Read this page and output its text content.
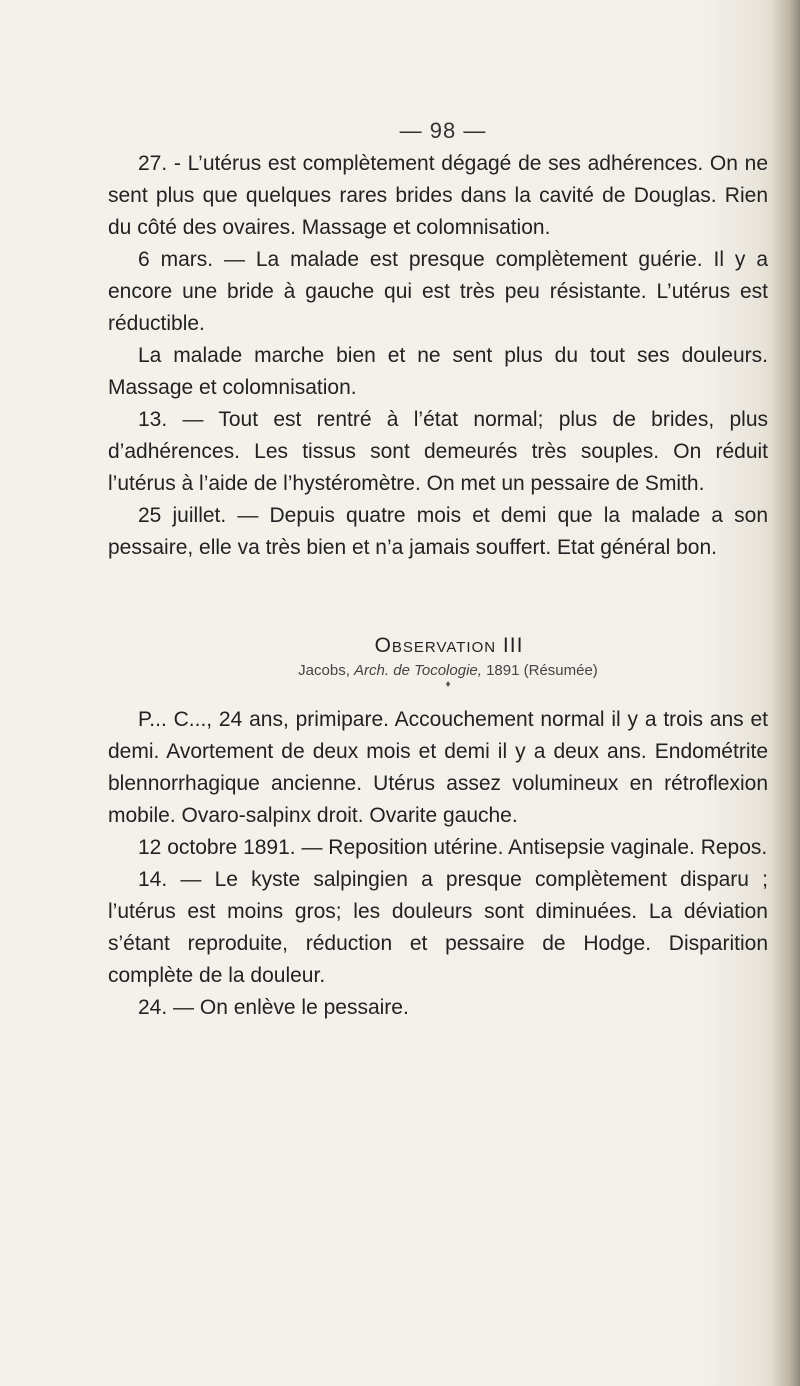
— 98 —

27. - L’utérus est complètement dégagé de ses adhérences. On ne sent plus que quelques rares brides dans la cavité de Douglas. Rien du côté des ovaires. Massage et colomnisation.

6 mars. — La malade est presque complètement guérie. Il y a encore une bride à gauche qui est très peu résistante. L’utérus est réductible.

La malade marche bien et ne sent plus du tout ses douleurs. Massage et colomnisation.

13. — Tout est rentré à l’état normal; plus de brides, plus d’adhérences. Les tissus sont demeurés très souples. On réduit l’utérus à l’aide de l’hystéromètre. On met un pessaire de Smith.

25 juillet. — Depuis quatre mois et demi que la malade a son pessaire, elle va très bien et n’a jamais souffert. Etat général bon.

Observation III
Jacobs, Arch. de Tocologie, 1891 (Résumée)
♦

P... C..., 24 ans, primipare. Accouchement normal il y a trois ans et demi. Avortement de deux mois et demi il y a deux ans. Endométrite blennorrhagique ancienne. Utérus assez volumineux en rétroflexion mobile. Ovaro-salpinx droit. Ovarite gauche.

12 octobre 1891. — Reposition utérine. Antisepsie vaginale. Repos.

14. — Le kyste salpingien a presque complètement disparu ; l’utérus est moins gros; les douleurs sont diminuées. La déviation s’étant reproduite, réduction et pessaire de Hodge. Disparition complète de la douleur.

24. — On enlève le pessaire.
